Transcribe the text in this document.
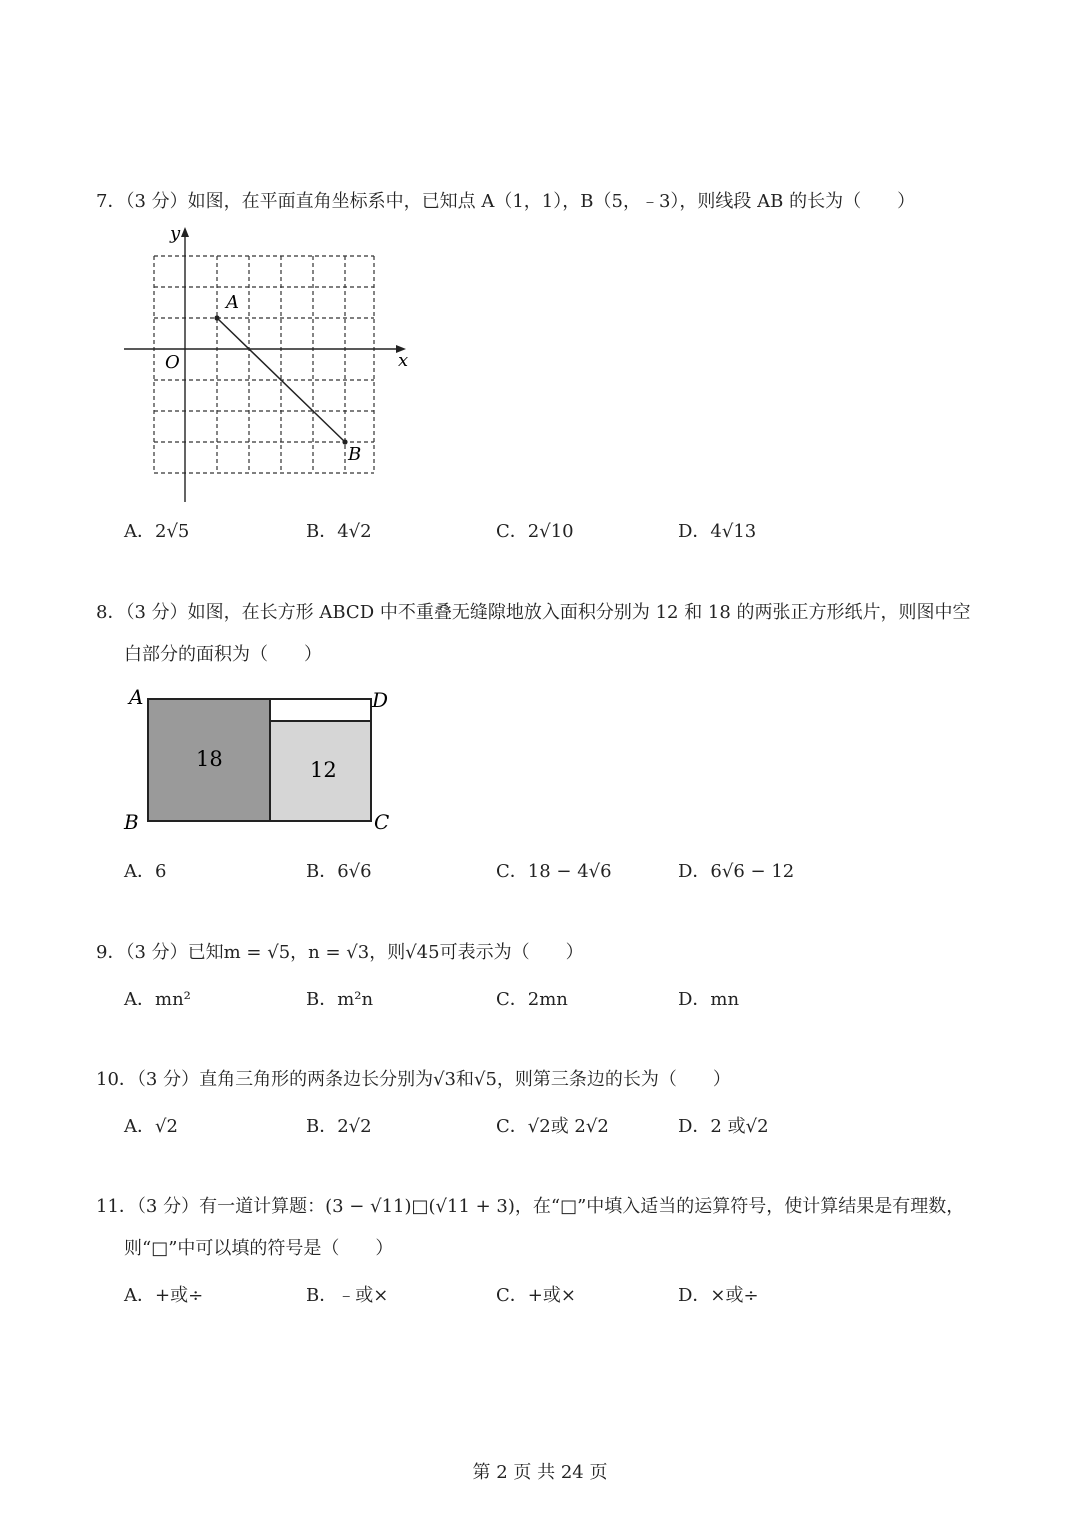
7．（3 分）如图，在平面直角坐标系中，已知点 A（1，1），B（5，﹣3），则线段 AB 的长为（　　）
A
B
O	x
y
A．2√5	B．4√2	C．2√10	D．4√13
8．（3 分）如图，在长方形 ABCD 中不重叠无缝隙地放入面积分别为 12 和 18 的两张正方形纸片，则图中空
白部分的面积为（　　）
18	12
A
B	C
D
A．6	B．6√6	C．18 − 4√6	D．6√6 − 12
9．（3 分）已知m = √5，n = √3，则√45可表示为（　　）
A．mn²	B．m²n	C．2mn	D．mn
10．（3 分）直角三角形的两条边长分别为√3和√5，则第三条边的长为（　　）
A．√2	B．2√2	C．√2或 2√2	D．2 或√2
11．（3 分）有一道计算题：(3 − √11)□(√11 + 3)，在“□”中填入适当的运算符号，使计算结果是有理数，
则“□”中可以填的符号是（　　）
A．+或÷	B．﹣或×	C．+或×	D．×或÷
第 2 页 共 24 页
